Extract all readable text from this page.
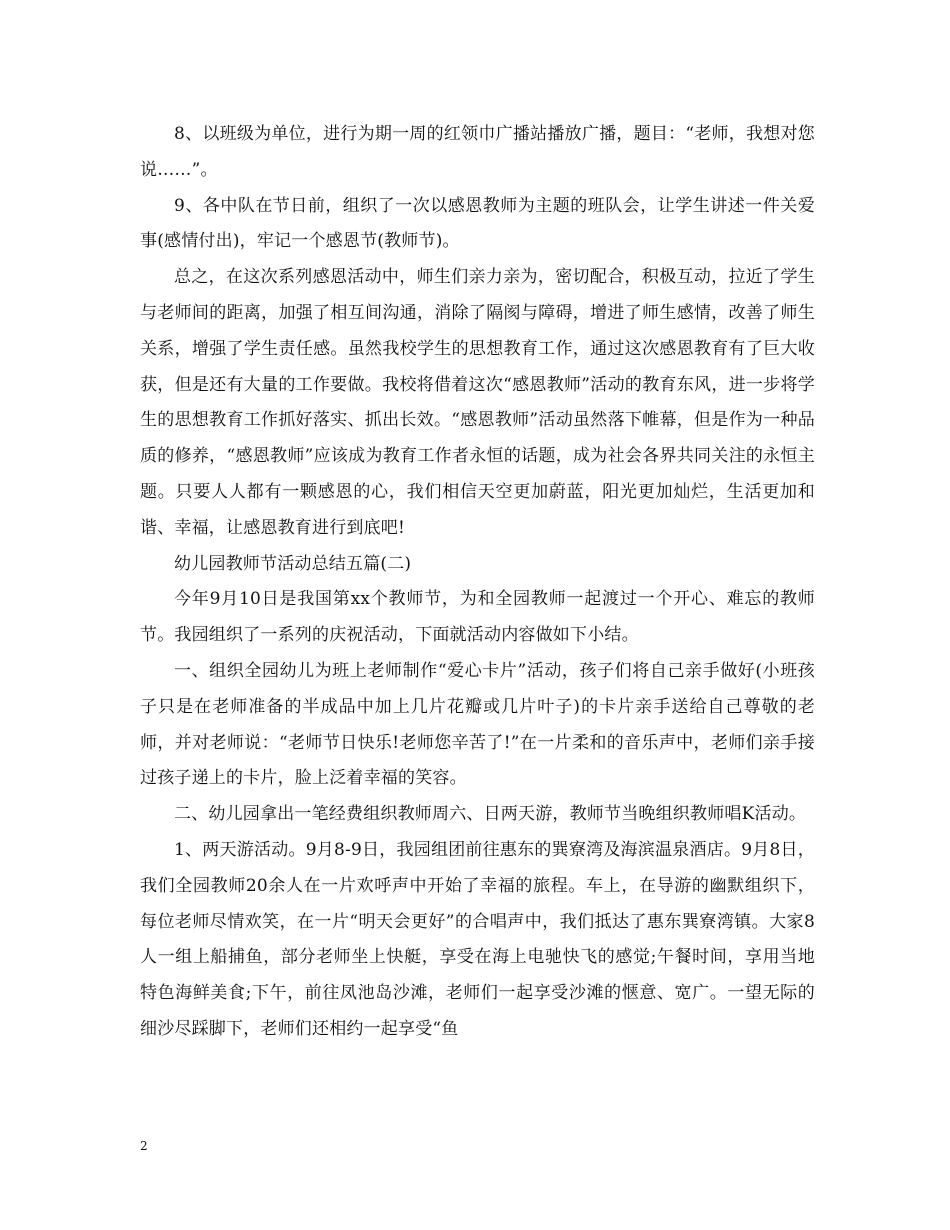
8、以班级为单位，进行为期一周的红领巾广播站播放广播，题目：“老师，我想对您说……”。

9、各中队在节日前，组织了一次以感恩教师为主题的班队会，让学生讲述一件关爱事(感情付出)，牢记一个感恩节(教师节)。

总之，在这次系列感恩活动中，师生们亲力亲为，密切配合，积极互动，拉近了学生与老师间的距离，加强了相互间沟通，消除了隔阂与障碍，增进了师生感情，改善了师生关系，增强了学生责任感。虽然我校学生的思想教育工作，通过这次感恩教育有了巨大收获，但是还有大量的工作要做。我校将借着这次“感恩教师”活动的教育东风，进一步将学生的思想教育工作抓好落实、抓出长效。“感恩教师”活动虽然落下帷幕，但是作为一种品质的修养，“感恩教师”应该成为教育工作者永恒的话题，成为社会各界共同关注的永恒主题。只要人人都有一颗感恩的心，我们相信天空更加蔚蓝，阳光更加灿烂，生活更加和谐、幸福，让感恩教育进行到底吧!

幼儿园教师节活动总结五篇(二)

今年9月10日是我国第xx个教师节，为和全园教师一起渡过一个开心、难忘的教师节。我园组织了一系列的庆祝活动，下面就活动内容做如下小结。

一、组织全园幼儿为班上老师制作“爱心卡片”活动，孩子们将自己亲手做好(小班孩子只是在老师准备的半成品中加上几片花瓣或几片叶子)的卡片亲手送给自己尊敬的老师，并对老师说：“老师节日快乐!老师您辛苦了!”在一片柔和的音乐声中，老师们亲手接过孩子递上的卡片，脸上泛着幸福的笑容。

二、幼儿园拿出一笔经费组织教师周六、日两天游，教师节当晚组织教师唱K活动。

1、两天游活动。9月8-9日，我园组团前往惠东的巽寮湾及海滨温泉酒店。9月8日，我们全园教师20余人在一片欢呼声中开始了幸福的旅程。车上，在导游的幽默组织下，每位老师尽情欢笑，在一片“明天会更好”的合唱声中，我们抵达了惠东巽寮湾镇。大家8人一组上船捕鱼，部分老师坐上快艇，享受在海上电驰快飞的感觉;午餐时间，享用当地特色海鲜美食;下午，前往凤池岛沙滩，老师们一起享受沙滩的惬意、宽广。一望无际的细沙尽踩脚下，老师们还相约一起享受“鱼

2
